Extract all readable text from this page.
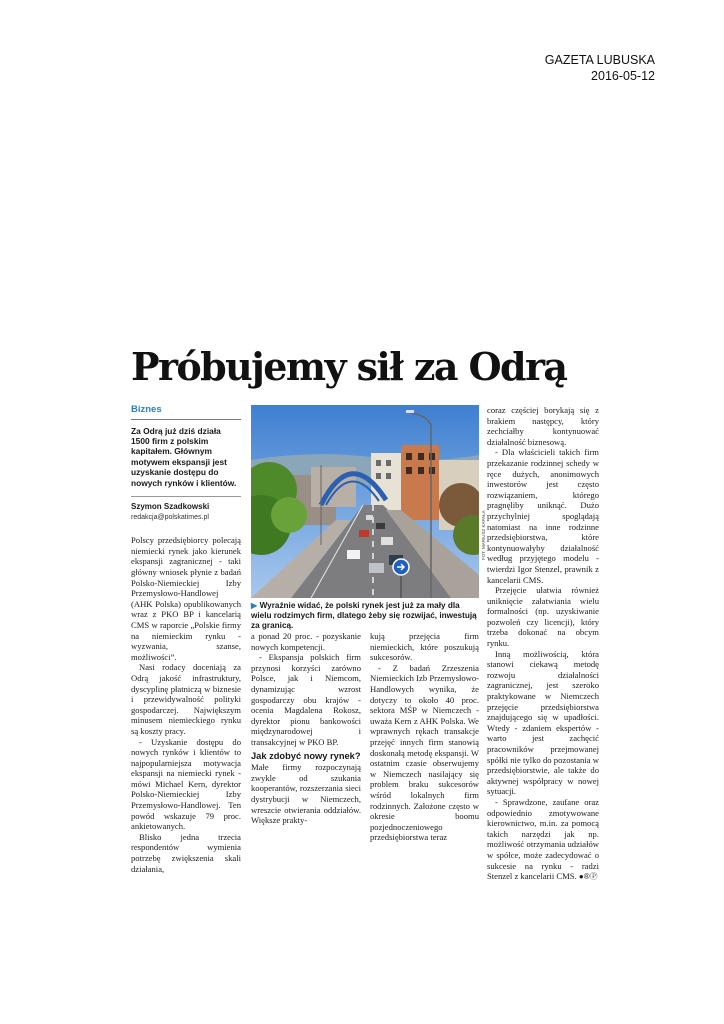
GAZETA LUBUSKA
2016-05-12
Próbujemy sił za Odrą
Biznes
Za Odrą już dziś działa 1500 firm z polskim kapitałem. Głównym motywem ekspansji jest uzyskanie dostępu do nowych rynków i klientów.
Szymon Szadkowski
redakcja@polskatimes.pl

Polscy przedsiębiorcy polecają niemiecki rynek jako kierunek ekspansji zagranicznej - taki główny wniosek płynie z badań Polsko-Niemieckiej Izby Przemysłowo-Handlowej (AHK Polska) opublikowanych wraz z PKO BP i kancelarią CMS w raporcie „Polskie firmy na niemieckim rynku - wyzwania, szanse, możliwości”.

Nasi rodacy doceniają za Odrą jakość infrastruktury, dyscyplinę płatniczą w biznesie i przewidywalność polityki gospodarczej. Największym minusem niemieckiego rynku są koszty pracy.

- Uzyskanie dostępu do nowych rynków i klientów to najpopularniejsza motywacja ekspansji na niemiecki rynek - mówi Michael Kern, dyrektor Polsko-Niemieckiej Izby Przemysłowo-Handlowej. Ten powód wskazuje 79 proc. ankietowanych.

Blisko jedna trzecia respondentów wymienia potrzebę zwiększenia skali działania,

FOT. MARIUSZ KAPAŁA
▶ Wyraźnie widać, że polski rynek jest już za mały dla wielu rodzimych firm, dlatego żeby się rozwijać, inwestują za granicą.

a ponad 20 proc. - pozyskanie nowych kompetencji.

- Ekspansja polskich firm przynosi korzyści zarówno Polsce, jak i Niemcom, dynamizując wzrost gospodarczy obu krajów - ocenia Magdalena Rokosz, dyrektor pionu bankowości międzynarodowej i transakcyjnej w PKO BP.

Jak zdobyć nowy rynek?

Małe firmy rozpoczynają zwykle od szukania kooperantów, rozszerzania sieci dystrybucji w Niemczech, wreszcie otwierania oddziałów. Większe prakty-

kują przejęcia firm niemieckich, które poszukują sukcesorów.

- Z badań Zrzeszenia Niemieckich Izb Przemysłowo-Handlowych wynika, że dotyczy to około 40 proc. sektora MŚP w Niemczech - uważa Kern z AHK Polska. We wprawnych rękach transakcje przejęć innych firm stanowią doskonałą metodę ekspansji. W ostatnim czasie obserwujemy w Niemczech nasilający się problem braku sukcesorów wśród lokalnych firm rodzinnych. Założone często w okresie boomu pozjednoczeniowego przedsiębiorstwa teraz

coraz częściej borykają się z brakiem następcy, który zechciałby kontynuować działalność biznesową.

- Dla właścicieli takich firm przekazanie rodzinnej schedy w ręce dużych, anonimowych inwestorów jest często rozwiązaniem, którego pragnęliby uniknąć. Dużo przychylniej spoglądają natomiast na inne rodzinne przedsiębiorstwa, które kontynuowałyby działalność według przyjętego modelu - twierdzi Igor Stenzel, prawnik z kancelarii CMS.

Przejęcie ułatwia również uniknięcie załatwiania wielu formalności (np. uzyskiwanie pozwoleń czy licencji), który trzeba dokonać na obcym rynku.

Inną możliwością, która stanowi ciekawą metodę rozwoju działalności zagranicznej, jest szeroko praktykowane w Niemczech przejęcie przedsiębiorstwa znajdującego się w upadłości. Wtedy - zdaniem ekspertów - warto jest zachęcić pracowników przejmowanej spółki nie tylko do pozostania w przedsiębiorstwie, ale także do aktywnej współpracy w nowej sytuacji.

- Sprawdzone, zaufane oraz odpowiednio zmotywowane kierownictwo, m.in. za pomocą takich narzędzi jak np. możliwość otrzymania udziałów w spółce, może zadecydować o sukcesie na rynku - radzi Stenzel z kancelarii CMS. ●®Ⓟ
